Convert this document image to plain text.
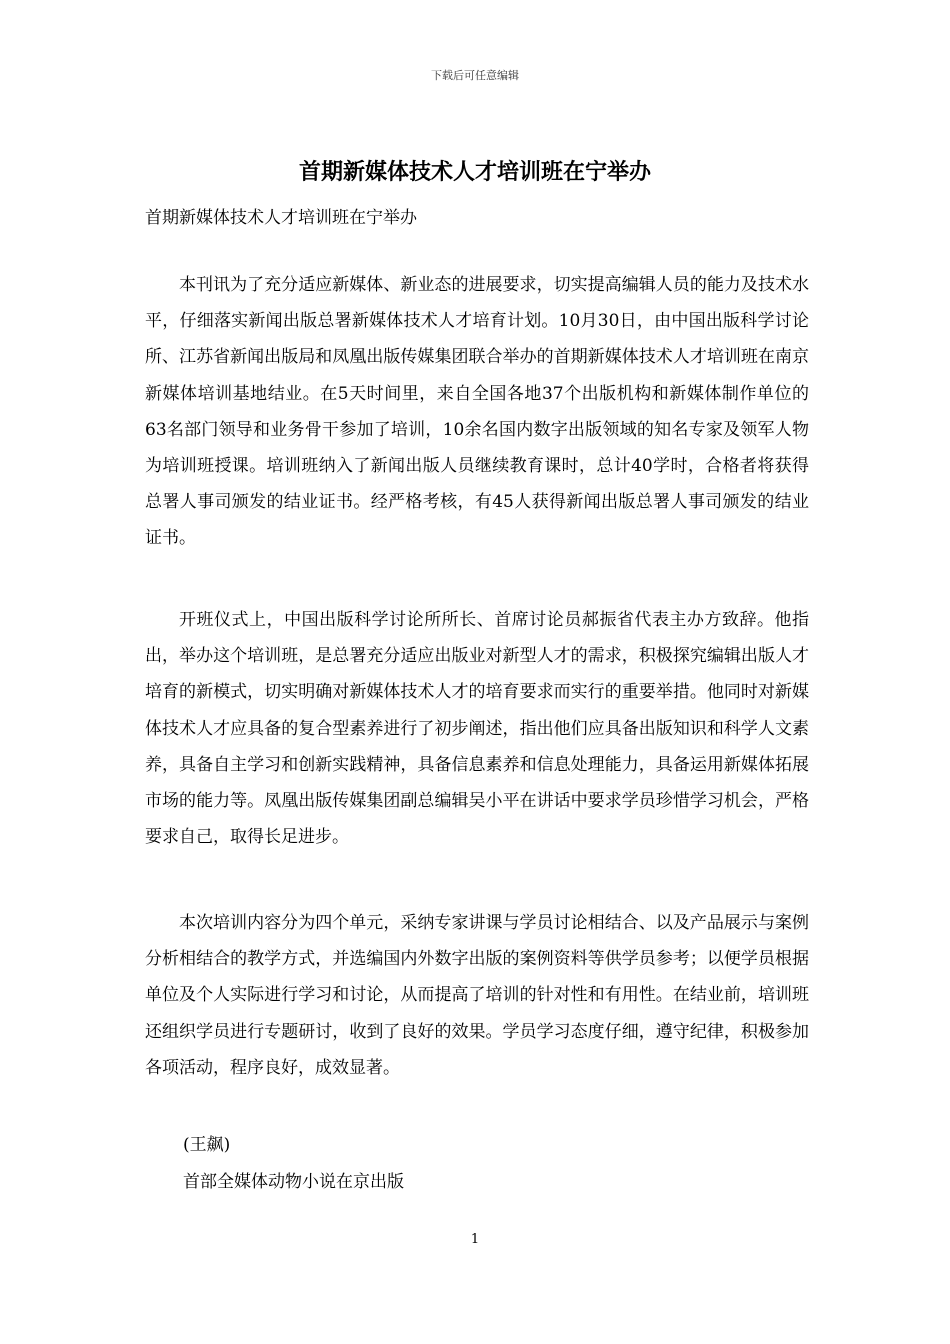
下载后可任意编辑
首期新媒体技术人才培训班在宁举办

首期新媒体技术人才培训班在宁举办

本刊讯为了充分适应新媒体、新业态的进展要求，切实提高编辑人员的能力及技术水平，仔细落实新闻出版总署新媒体技术人才培育计划。10月30日，由中国出版科学讨论所、江苏省新闻出版局和凤凰出版传媒集团联合举办的首期新媒体技术人才培训班在南京新媒体培训基地结业。在5天时间里，来自全国各地37个出版机构和新媒体制作单位的63名部门领导和业务骨干参加了培训，10余名国内数字出版领域的知名专家及领军人物为培训班授课。培训班纳入了新闻出版人员继续教育课时，总计40学时，合格者将获得总署人事司颁发的结业证书。经严格考核，有45人获得新闻出版总署人事司颁发的结业证书。

开班仪式上，中国出版科学讨论所所长、首席讨论员郝振省代表主办方致辞。他指出，举办这个培训班，是总署充分适应出版业对新型人才的需求，积极探究编辑出版人才培育的新模式，切实明确对新媒体技术人才的培育要求而实行的重要举措。他同时对新媒体技术人才应具备的复合型素养进行了初步阐述，指出他们应具备出版知识和科学人文素养，具备自主学习和创新实践精神，具备信息素养和信息处理能力，具备运用新媒体拓展市场的能力等。凤凰出版传媒集团副总编辑吴小平在讲话中要求学员珍惜学习机会，严格要求自己，取得长足进步。

本次培训内容分为四个单元，采纳专家讲课与学员讨论相结合、以及产品展示与案例分析相结合的教学方式，并选编国内外数字出版的案例资料等供学员参考；以便学员根据单位及个人实际进行学习和讨论，从而提高了培训的针对性和有用性。在结业前，培训班还组织学员进行专题研讨，收到了良好的效果。学员学习态度仔细，遵守纪律，积极参加各项活动，程序良好，成效显著。

(王飙)

首部全媒体动物小说在京出版

1
